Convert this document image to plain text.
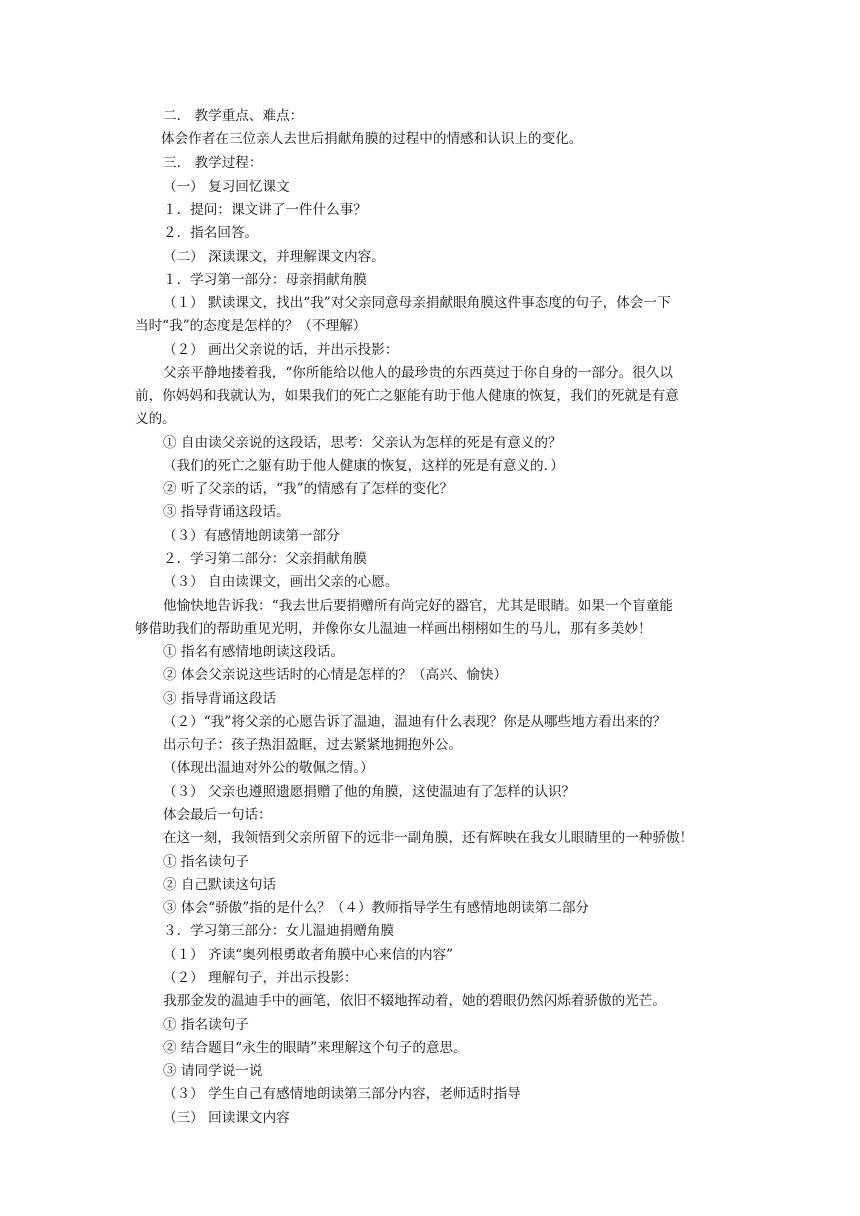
二． 教学重点、难点：
体会作者在三位亲人去世后捐献角膜的过程中的情感和认识上的变化。
三． 教学过程：
（一） 复习回忆课文
１．提问：课文讲了一件什么事？
２．指名回答。
（二） 深读课文，并理解课文内容。
１．学习第一部分：母亲捐献角膜
（１） 默读课文，找出“我”对父亲同意母亲捐献眼角膜这件事态度的句子，体会一下
当时“我”的态度是怎样的？（不理解）
（２） 画出父亲说的话，并出示投影：
父亲平静地搂着我，“你所能给以他人的最珍贵的东西莫过于你自身的一部分。很久以
前，你妈妈和我就认为，如果我们的死亡之躯能有助于他人健康的恢复，我们的死就是有意
义的。
① 自由读父亲说的这段话，思考：父亲认为怎样的死是有意义的？
（我们的死亡之躯有助于他人健康的恢复，这样的死是有意义的．）
② 听了父亲的话，“我”的情感有了怎样的变化？
③ 指导背诵这段话。
（３）有感情地朗读第一部分
２．学习第二部分：父亲捐献角膜
（３） 自由读课文，画出父亲的心愿。
他愉快地告诉我：“我去世后要捐赠所有尚完好的器官，尤其是眼睛。如果一个盲童能
够借助我们的帮助重见光明，并像你女儿温迪一样画出栩栩如生的马儿，那有多美妙！
① 指名有感情地朗读这段话。
② 体会父亲说这些话时的心情是怎样的？（高兴、愉快）
③ 指导背诵这段话
（２）“我”将父亲的心愿告诉了温迪，温迪有什么表现？你是从哪些地方看出来的？
出示句子：孩子热泪盈眶，过去紧紧地拥抱外公。
（体现出温迪对外公的敬佩之情。）
（３） 父亲也遵照遗愿捐赠了他的角膜，这使温迪有了怎样的认识？
体会最后一句话：
在这一刻，我领悟到父亲所留下的远非一副角膜，还有辉映在我女儿眼睛里的一种骄傲！
① 指名读句子
② 自己默读这句话
③ 体会“骄傲”指的是什么？（４）教师指导学生有感情地朗读第二部分
３．学习第三部分：女儿温迪捐赠角膜
（１） 齐读“奥列根勇敢者角膜中心来信的内容”
（２） 理解句子，并出示投影：
我那金发的温迪手中的画笔，依旧不辍地挥动着，她的碧眼仍然闪烁着骄傲的光芒。
① 指名读句子
② 结合题目“永生的眼睛”来理解这个句子的意思。
③ 请同学说一说
（３） 学生自己有感情地朗读第三部分内容，老师适时指导
（三） 回读课文内容
